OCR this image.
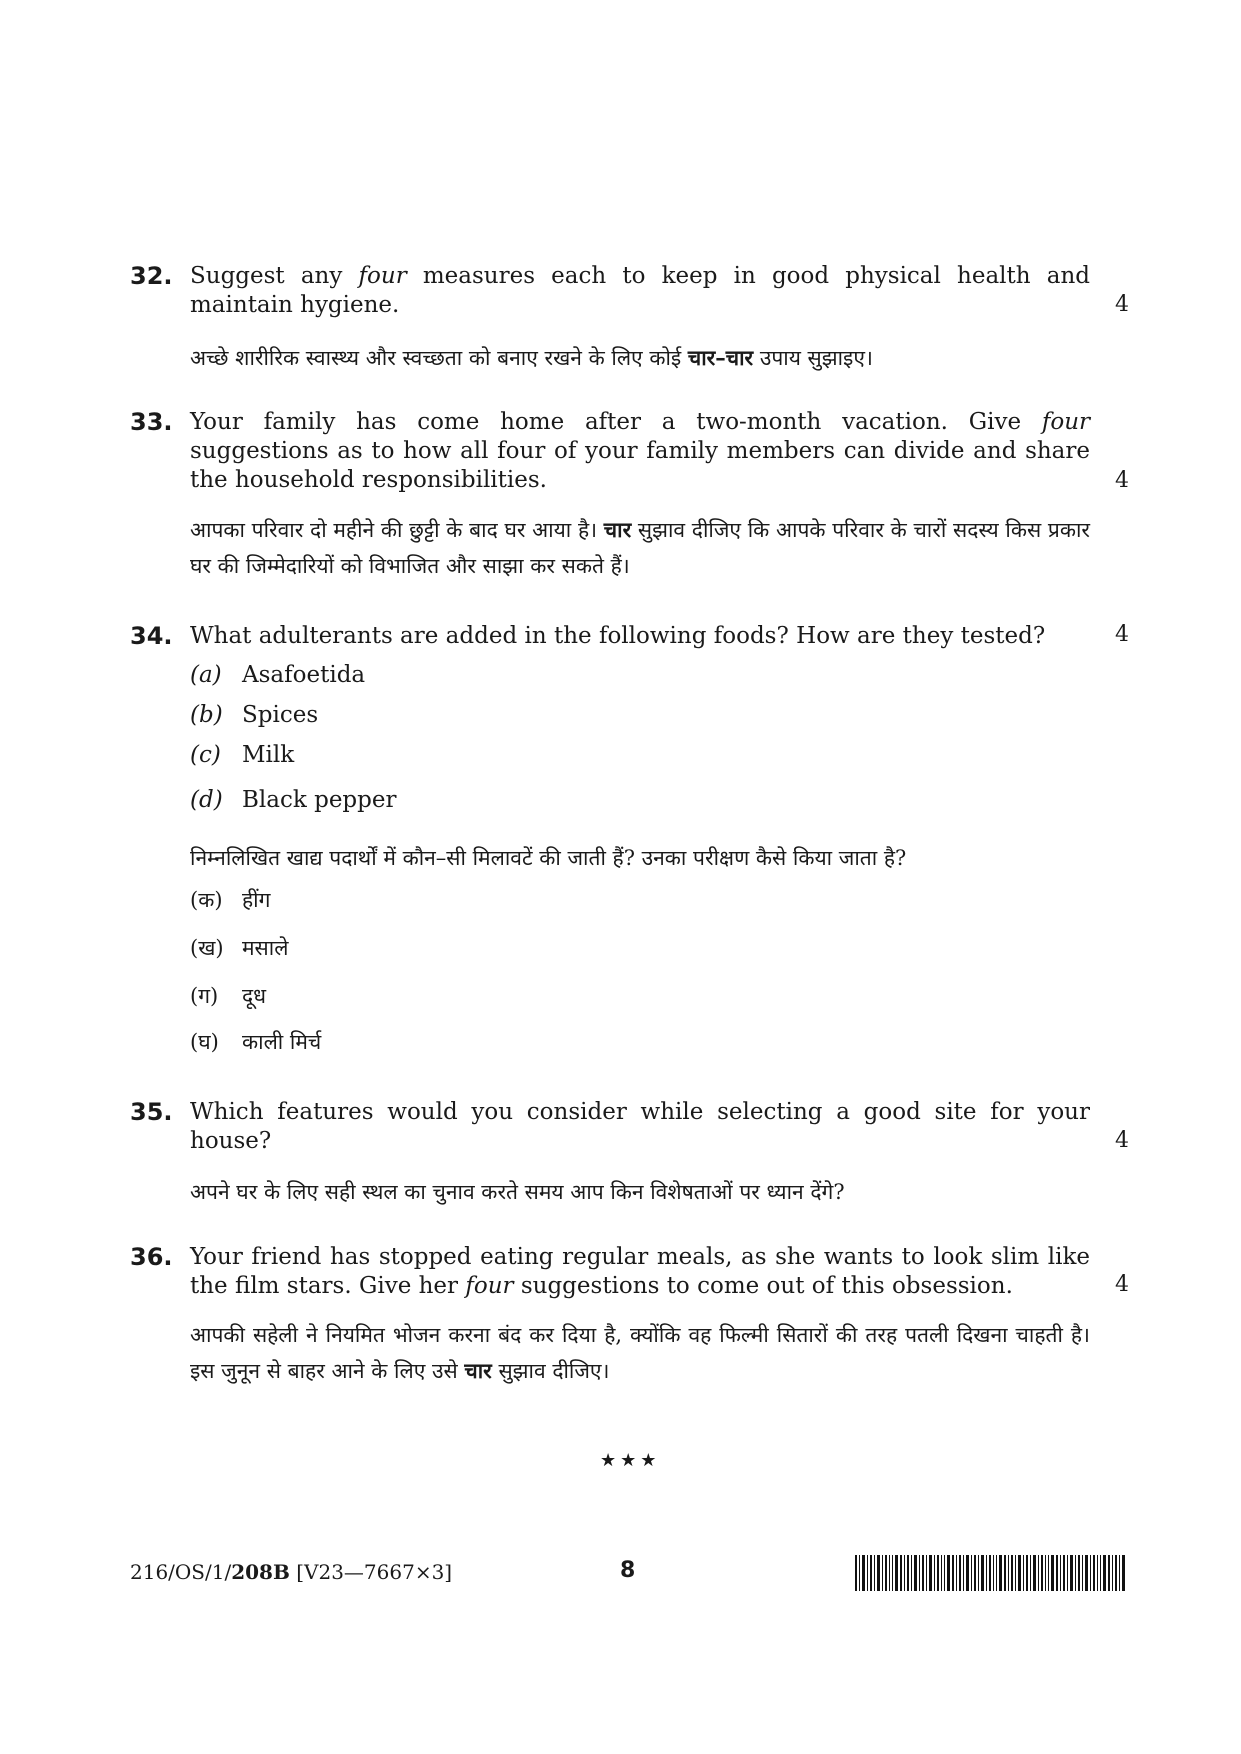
32. Suggest any four measures each to keep in good physical health and maintain hygiene.	4
अच्छे शारीरिक स्वास्थ्य और स्वच्छता को बनाए रखने के लिए कोई चार–चार उपाय सुझाइए।
33. Your family has come home after a two-month vacation. Give four suggestions as to how all four of your family members can divide and share the household responsibilities.	4
आपका परिवार दो महीने की छुट्टी के बाद घर आया है। चार सुझाव दीजिए कि आपके परिवार के चारों सदस्य किस प्रकार घर की जिम्मेदारियों को विभाजित और साझा कर सकते हैं।
34. What adulterants are added in the following foods? How are they tested?	4
(a) Asafoetida
(b) Spices
(c) Milk
(d) Black pepper
निम्नलिखित खाद्य पदार्थों में कौन–सी मिलावटें की जाती हैं? उनका परीक्षण कैसे किया जाता है?
(क) हींग
(ख) मसाले
(ग) दूध
(घ) काली मिर्च
35. Which features would you consider while selecting a good site for your house?	4
अपने घर के लिए सही स्थल का चुनाव करते समय आप किन विशेषताओं पर ध्यान देंगे?
36. Your friend has stopped eating regular meals, as she wants to look slim like the film stars. Give her four suggestions to come out of this obsession.	4
आपकी सहेली ने नियमित भोजन करना बंद कर दिया है, क्योंकि वह फिल्मी सितारों की तरह पतली दिखना चाहती है। इस जुनून से बाहर आने के लिए उसे चार सुझाव दीजिए।
★★★
216/OS/1/208B [V23—7667×3]	8
